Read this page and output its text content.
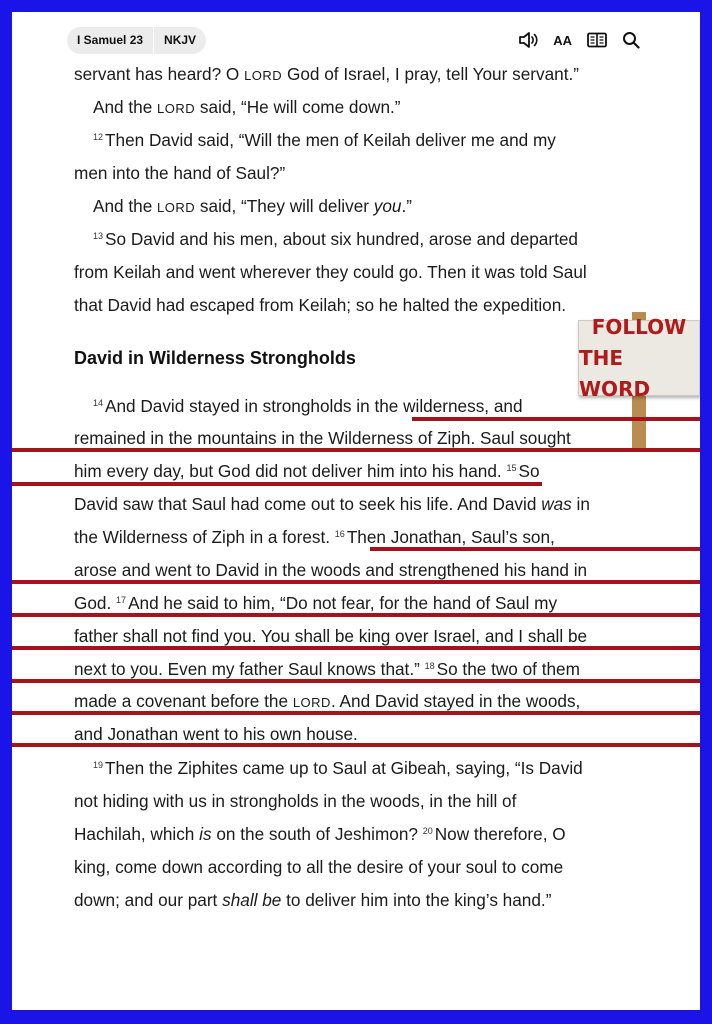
I Samuel 23	NKJV	AA
FOLLOW
THE WORD
servant has heard? O LORD God of Israel, I pray, tell Your servant.”
And the LORD said, “He will come down.”
$^{12}$ Then David said, “Will the men of Keilah deliver me and my
men into the hand of Saul?”
And the LORD said, “They will deliver you.”
$^{13}$ So David and his men, about six hundred, arose and departed
from Keilah and went wherever they could go. Then it was told Saul
that David had escaped from Keilah; so he halted the expedition.
David in Wilderness Strongholds
$^{14}$ And David stayed in strongholds in the wilderness, and
remained in the mountains in the Wilderness of Ziph. Saul sought
him every day, but God did not deliver him into his hand. $^{15}$ So
David saw that Saul had come out to seek his life. And David was in
the Wilderness of Ziph in a forest. $^{16}$ Then Jonathan, Saul’s son,
arose and went to David in the woods and strengthened his hand in
God. $^{17}$ And he said to him, “Do not fear, for the hand of Saul my
father shall not find you. You shall be king over Israel, and I shall be
next to you. Even my father Saul knows that.” $^{18}$ So the two of them
made a covenant before the LORD. And David stayed in the woods,
and Jonathan went to his own house.
$^{19}$ Then the Ziphites came up to Saul at Gibeah, saying, “Is David
not hiding with us in strongholds in the woods, in the hill of
Hachilah, which is on the south of Jeshimon? $^{20}$ Now therefore, O
king, come down according to all the desire of your soul to come
down; and our part shall be to deliver him into the king’s hand.”
